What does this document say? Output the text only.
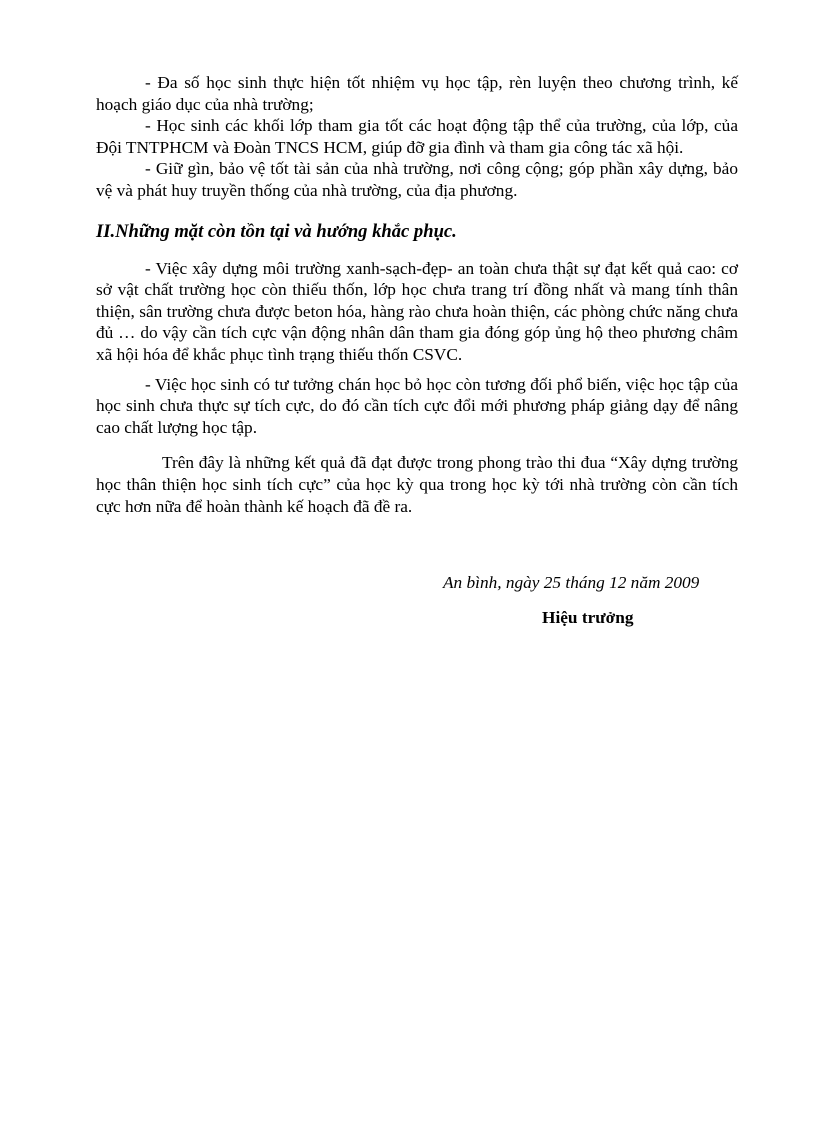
- Đa số học sinh thực hiện tốt nhiệm vụ học tập, rèn luyện theo chương trình, kế hoạch giáo dục của nhà trường;

- Học sinh các khối lớp tham gia tốt các hoạt động tập thể của trường, của lớp, của Đội TNTPHCM và Đoàn TNCS HCM, giúp đỡ gia đình và tham gia công tác xã hội.

- Giữ gìn, bảo vệ tốt tài sản của nhà trường, nơi công cộng; góp phần xây dựng, bảo vệ và phát huy truyền thống của nhà trường, của địa phương.

II.Những mặt còn tồn tại và hướng khắc phục.

- Việc xây dựng môi trường xanh-sạch-đẹp- an toàn chưa thật sự đạt kết quả cao: cơ sở vật chất trường học còn thiếu thốn, lớp học chưa trang trí đồng nhất và mang tính thân thiện, sân trường chưa được beton hóa, hàng rào chưa hoàn thiện, các phòng chức năng chưa đủ … do vậy cần tích cực vận động nhân dân tham gia đóng góp ủng hộ theo phương châm xã hội hóa để khắc phục tình trạng thiếu thốn CSVC.

- Việc học sinh có tư tưởng chán học bỏ học còn tương đối phổ biến, việc học tập của học sinh chưa thực sự tích cực, do đó cần tích cực đổi mới phương pháp giảng dạy để nâng cao chất lượng học tập.

Trên đây là những kết quả đã đạt được trong phong trào thi đua “Xây dựng trường học thân thiện học sinh tích cực” của học kỳ qua trong học kỳ tới nhà trường còn cần tích cực hơn nữa để hoàn thành kế hoạch đã đề ra.

An bình, ngày 25 tháng 12 năm 2009
Hiệu trưởng
